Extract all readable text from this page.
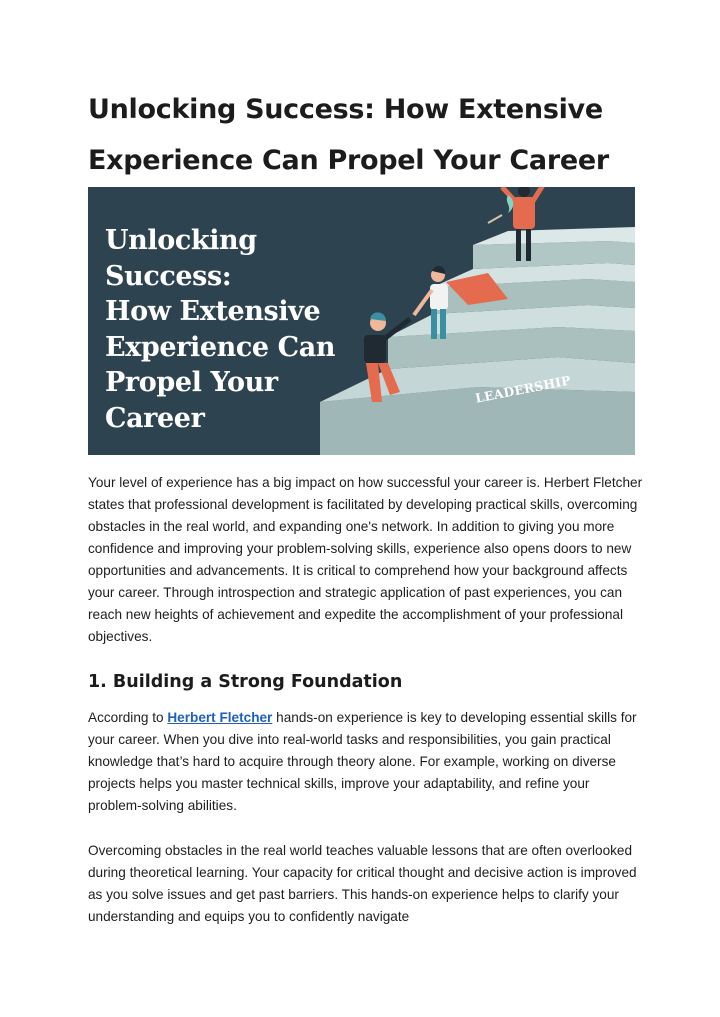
Unlocking Success: How Extensive
Experience Can Propel Your Career
Unlocking
Success:
How Extensive
Experience Can
Propel Your
Career
LEADERSHIP

Your level of experience has a big impact on how successful your career is. Herbert Fletcher states that professional development is facilitated by developing practical skills, overcoming obstacles in the real world, and expanding one's network. In addition to giving you more confidence and improving your problem-solving skills, experience also opens doors to new opportunities and advancements. It is critical to comprehend how your background affects your career. Through introspection and strategic application of past experiences, you can reach new heights of achievement and expedite the accomplishment of your professional objectives.

1. Building a Strong Foundation

According to Herbert Fletcher hands-on experience is key to developing essential skills for your career. When you dive into real-world tasks and responsibilities, you gain practical knowledge that’s hard to acquire through theory alone. For example, working on diverse projects helps you master technical skills, improve your adaptability, and refine your problem-solving abilities.

Overcoming obstacles in the real world teaches valuable lessons that are often overlooked during theoretical learning. Your capacity for critical thought and decisive action is improved as you solve issues and get past barriers. This hands-on experience helps to clarify your understanding and equips you to confidently navigate
